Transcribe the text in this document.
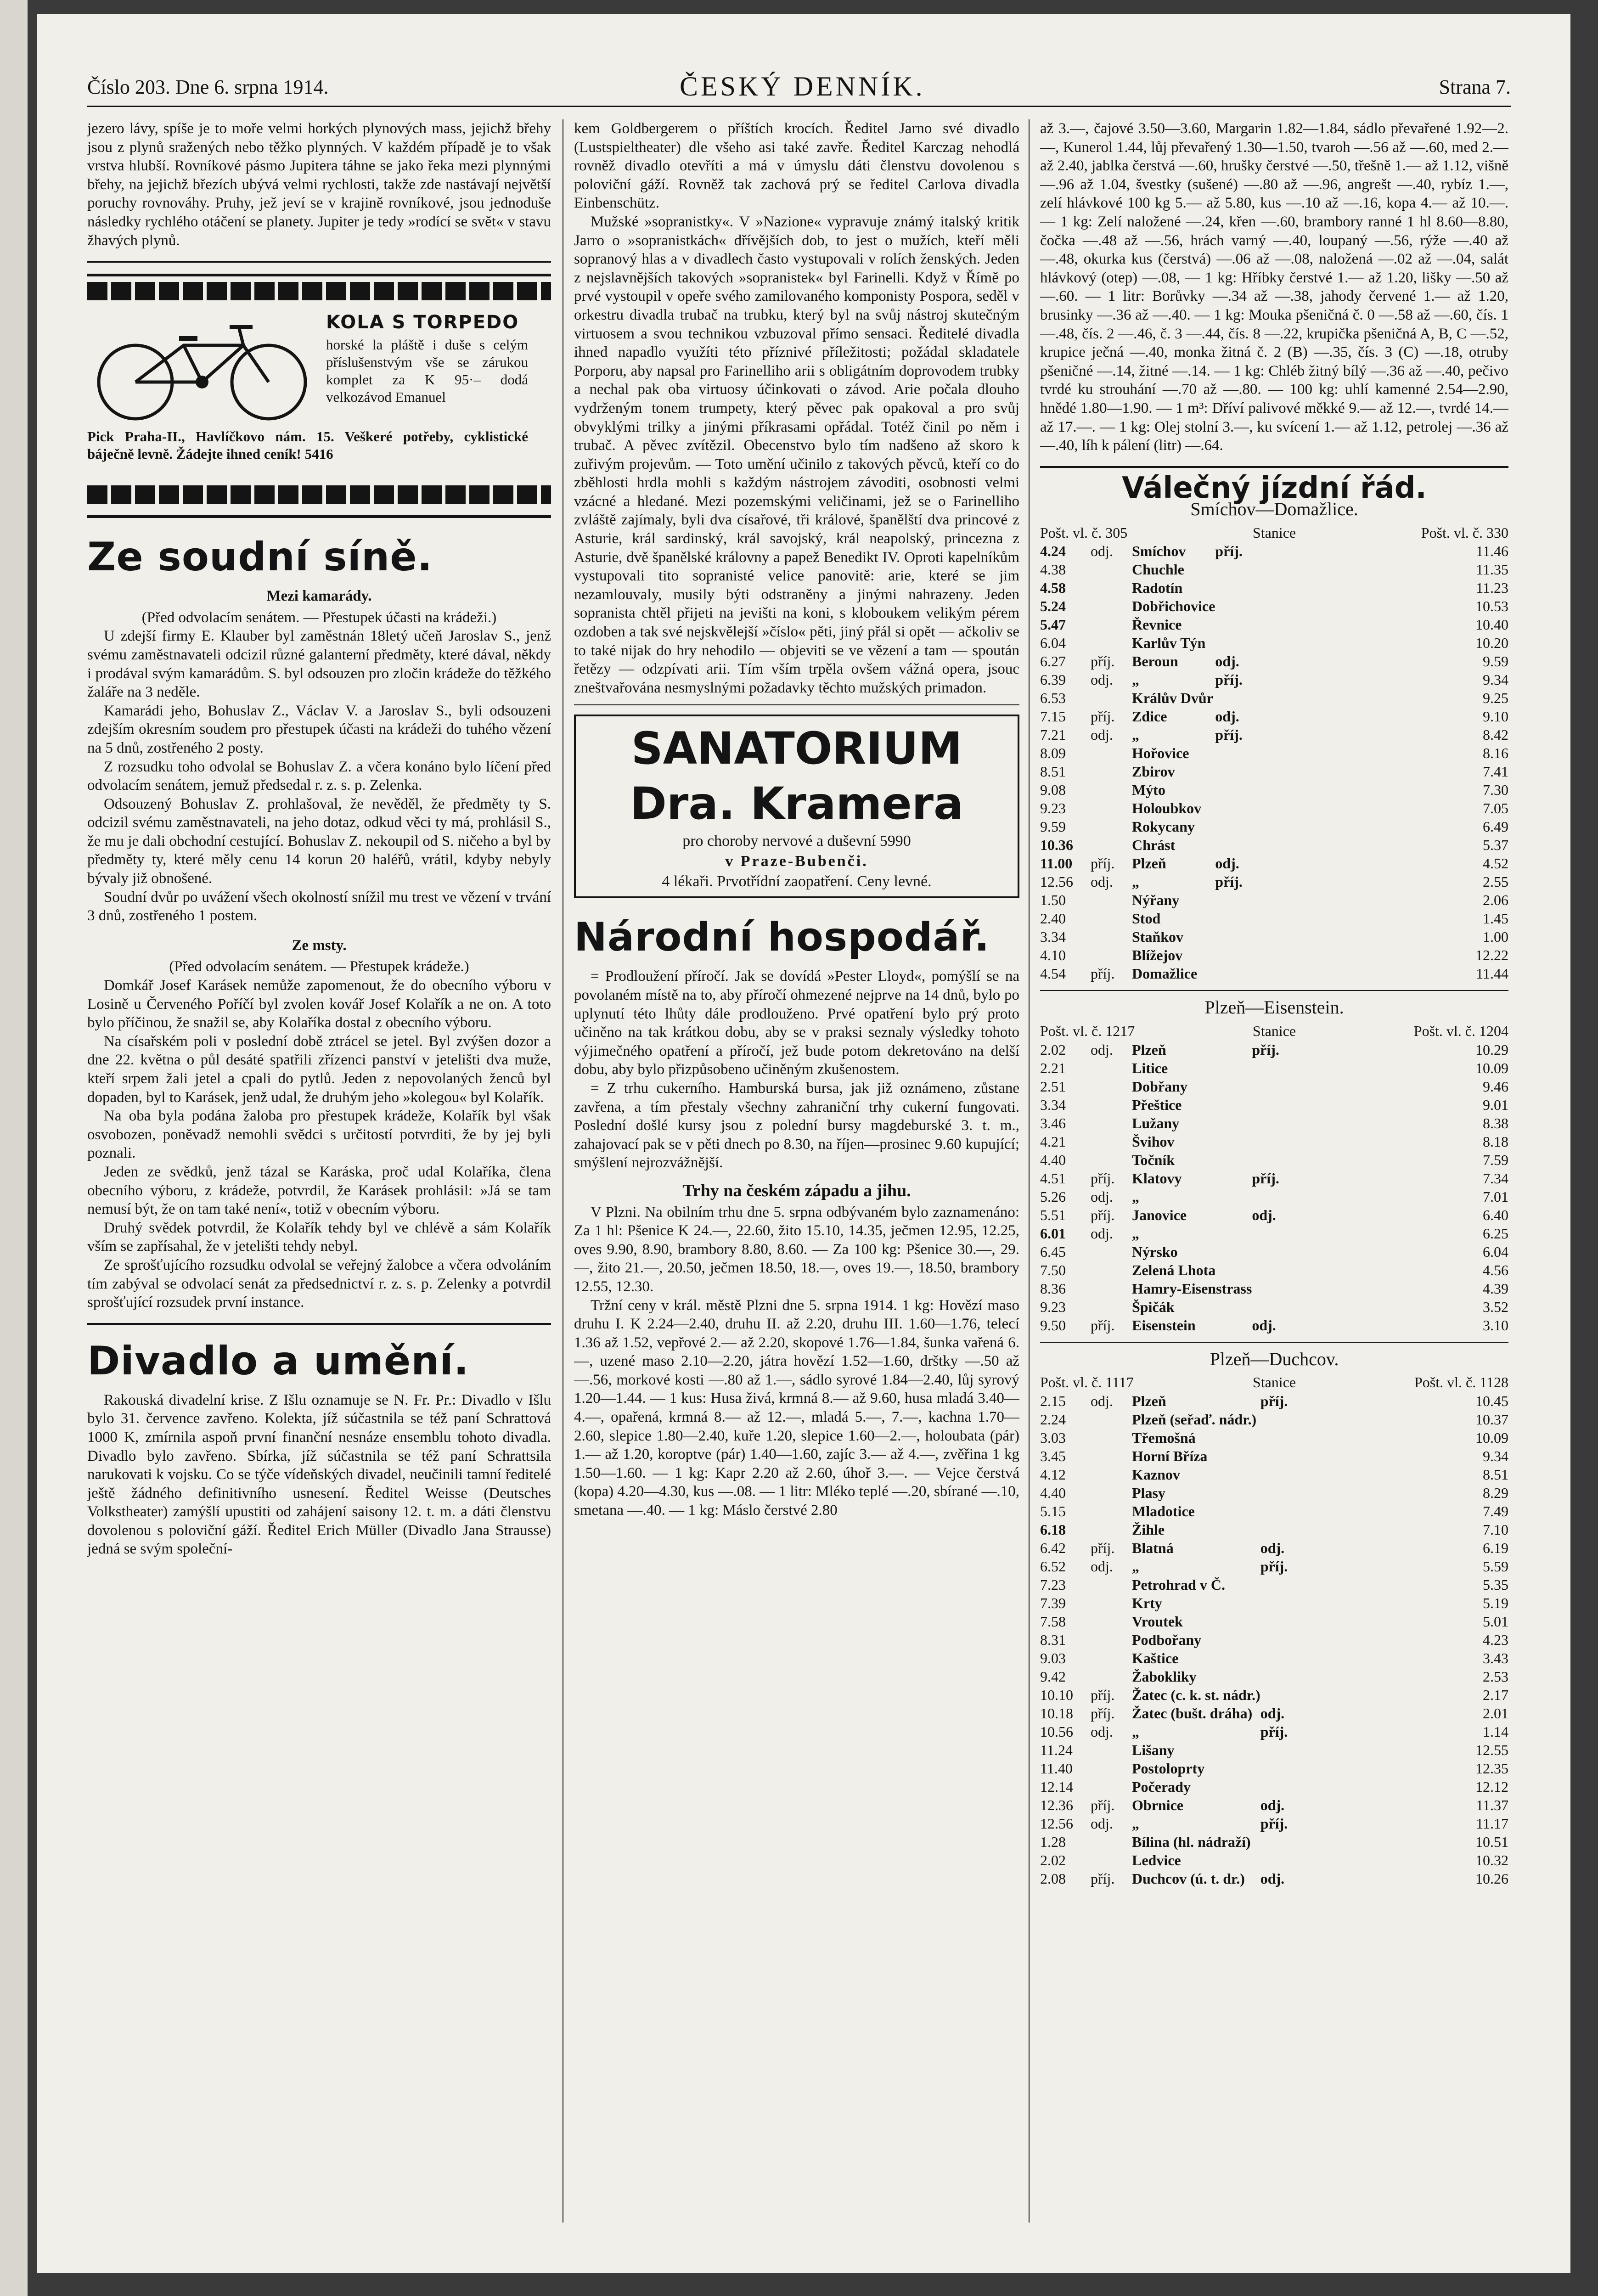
Číslo 203. Dne 6. srpna 1914.	ČESKÝ DENNÍK.	Strana 7.

jezero lávy, spíše je to moře velmi horkých plynových mass, jejichž břehy jsou z plynů sražených nebo těžko plynných. V každém případě je to však vrstva hlubší. Rovníkové pásmo Jupitera táhne se jako řeka mezi plynnými břehy, na jejichž březích ubývá velmi rychlosti, takže zde nastávají největší poruchy rovnováhy. Pruhy, jež jeví se v krajině rovníkové, jsou jednoduše následky rychlého otáčení se planety. Jupiter je tedy »rodící se svět« v stavu žhavých plynů.

KOLA S TORPEDO
horské la pláště i duše s celým příslušenstvým vše se zárukou komplet za K 95·– dodá velkozávod Emanuel
Pick Praha-II., Havlíčkovo nám. 15. Veškeré potřeby, cyklistické báječně levně. Žádejte ihned ceník! 5416
Ze soudní síně.
Mezi kamarády.

(Před odvolacím senátem. — Přestupek účasti na krádeži.)

U zdejší firmy E. Klauber byl zaměstnán 18letý učeň Jaroslav S., jenž svému zaměstnavateli odcizil různé galanterní předměty, které dával, někdy i prodával svým kamarádům. S. byl odsouzen pro zločin krádeže do těžkého žaláře na 3 neděle.

Kamarádi jeho, Bohuslav Z., Václav V. a Jaroslav S., byli odsouzeni zdejším okresním soudem pro přestupek účasti na krádeži do tuhého vězení na 5 dnů, zostřeného 2 posty.

Z rozsudku toho odvolal se Bohuslav Z. a včera konáno bylo líčení před odvolacím senátem, jemuž předsedal r. z. s. p. Zelenka.

Odsouzený Bohuslav Z. prohlašoval, že nevěděl, že předměty ty S. odcizil svému zaměstnavateli, na jeho dotaz, odkud věci ty má, prohlásil S., že mu je dali obchodní cestující. Bohuslav Z. nekoupil od S. ničeho a byl by předměty ty, které měly cenu 14 korun 20 haléřů, vrátil, kdyby nebyly bývaly již obnošené.

Soudní dvůr po uvážení všech okolností snížil mu trest ve vězení v trvání 3 dnů, zostřeného 1 postem.

Ze msty.

(Před odvolacím senátem. — Přestupek krádeže.)

Domkář Josef Karásek nemůže zapomenout, že do obecního výboru v Losině u Červeného Poříčí byl zvolen kovář Josef Kolařík a ne on. A toto bylo příčinou, že snažil se, aby Kolaříka dostal z obecního výboru.

Na císařském poli v poslední době ztrácel se jetel. Byl zvýšen dozor a dne 22. května o půl desáté spatřili zřízenci panství v jetelišti dva muže, kteří srpem žali jetel a cpali do pytlů. Jeden z nepovolaných ženců byl dopaden, byl to Karásek, jenž udal, že druhým jeho »kolegou« byl Kolařík.

Na oba byla podána žaloba pro přestupek krádeže, Kolařík byl však osvobozen, poněvadž nemohli svědci s určitostí potvrditi, že by jej byli poznali.

Jeden ze svědků, jenž tázal se Karáska, proč udal Kolaříka, člena obecního výboru, z krádeže, potvrdil, že Karásek prohlásil: »Já se tam nemusí být, že on tam také není«, totiž v obecním výboru.

Druhý svědek potvrdil, že Kolařík tehdy byl ve chlévě a sám Kolařík vším se zapřísahal, že v jetelišti tehdy nebyl.

Ze sprošťujícího rozsudku odvolal se veřejný žalobce a včera odvoláním tím zabýval se odvolací senát za předsednictví r. z. s. p. Zelenky a potvrdil sprošťující rozsudek první instance.

Divadlo a umění.

Rakouská divadelní krise. Z Išlu oznamuje se N. Fr. Pr.: Divadlo v Išlu bylo 31. července zavřeno. Kolekta, jíž súčastnila se též paní Schrattová 1000 K, zmírnila aspoň první finanční nesnáze ensemblu tohoto divadla. Divadlo bylo zavřeno. Sbírka, jíž súčastnila se též paní Schrattsila narukovati k vojsku. Co se týče vídeňských divadel, neučinili tamní ředitelé ještě žádného definitivního usnesení. Ředitel Weisse (Deutsches Volkstheater) zamýšlí upustiti od zahájení saisony 12. t. m. a dáti členstvu dovolenou s poloviční gáží. Ředitel Erich Müller (Divadlo Jana Strausse) jedná se svým společní-

kem Goldbergerem o příštích krocích. Ředitel Jarno své divadlo (Lustspieltheater) dle všeho asi také zavře. Ředitel Karczag nehodlá rovněž divadlo otevříti a má v úmyslu dáti členstvu dovolenou s poloviční gáží. Rovněž tak zachová prý se ředitel Carlova divadla Einbenschütz.

Mužské »sopranistky«. V »Nazione« vypravuje známý italský kritik Jarro o »sopranistkách« dřívějších dob, to jest o mužích, kteří měli sopranový hlas a v divadlech často vystupovali v rolích ženských. Jeden z nejslavnějších takových »sopranistek« byl Farinelli. Když v Římě po prvé vystoupil v opeře svého zamilovaného komponisty Pospora, seděl v orkestru divadla trubač na trubku, který byl na svůj nástroj skutečným virtuosem a svou technikou vzbuzoval přímo sensaci. Ředitelé divadla ihned napadlo využíti této příznivé příležitosti; požádal skladatele Porporu, aby napsal pro Farinelliho arii s obligátním doprovodem trubky a nechal pak oba virtuosy účinkovati o závod. Arie počala dlouho vydrženým tonem trumpety, který pěvec pak opakoval a pro svůj obvyklými trilky a jinými příkrasami opřádal. Totéž činil po něm i trubač. A pěvec zvítězil. Obecenstvo bylo tím nadšeno až skoro k zuřivým projevům. — Toto umění učinilo z takových pěvců, kteří co do zběhlosti hrdla mohli s každým nástrojem závoditi, osobnosti velmi vzácné a hledané. Mezi pozemskými veličinami, jež se o Farinelliho zvláště zajímaly, byli dva císařové, tři králové, španělští dva princové z Asturie, král sardinský, král savojský, král neapolský, princezna z Asturie, dvě španělské královny a papež Benedikt IV. Oproti kapelníkům vystupovali tito sopranisté velice panovitě: arie, které se jim nezamlouvaly, musily býti odstraněny a jinými nahrazeny. Jeden sopranista chtěl přijeti na jevišti na koni, s kloboukem velikým pérem ozdoben a tak své nejskvělejší »číslo« pěti, jiný přál si opět — ačkoliv se to také nijak do hry nehodilo — objeviti se ve vězení a tam — spoután řetězy — odzpívati arii. Tím vším trpěla ovšem vážná opera, jsouc zneštvařována nesmyslnými požadavky těchto mužských primadon.

SANATORIUM Dra. Kramera
pro choroby nervové a duševní 5990
v Praze-Bubenči.
4 lékaři. Prvotřídní zaopatření. Ceny levné.
Národní hospodář.

= Prodloužení příročí. Jak se dovídá »Pester Lloyd«, pomýšlí se na povolaném místě na to, aby příročí ohmezené nejprve na 14 dnů, bylo po uplynutí této lhůty dále prodlouženo. Prvé opatření bylo prý proto učiněno na tak krátkou dobu, aby se v praksi seznaly výsledky tohoto výjimečného opatření a příročí, jež bude potom dekretováno na delší dobu, aby bylo přizpůsobeno učiněným zkušenostem.

= Z trhu cukerního. Hamburská bursa, jak již oznámeno, zůstane zavřena, a tím přestaly všechny zahraniční trhy cukerní fungovati. Poslední došlé kursy jsou z polední bursy magdeburské 3. t. m., zahajovací pak se v pěti dnech po 8.30, na říjen—prosinec 9.60 kupující; smýšlení nejrozvážnější.

Trhy na českém západu a jihu.

V Plzni. Na obilním trhu dne 5. srpna odbývaném bylo zaznamenáno: Za 1 hl: Pšenice K 24.—, 22.60, žito 15.10, 14.35, ječmen 12.95, 12.25, oves 9.90, 8.90, brambory 8.80, 8.60. — Za 100 kg: Pšenice 30.—, 29.—, žito 21.—, 20.50, ječmen 18.50, 18.—, oves 19.—, 18.50, brambory 12.55, 12.30.

Tržní ceny v král. městě Plzni dne 5. srpna 1914. 1 kg: Hovězí maso druhu I. K 2.24—2.40, druhu II. až 2.20, druhu III. 1.60—1.76, telecí 1.36 až 1.52, vepřové 2.— až 2.20, skopové 1.76—1.84, šunka vařená 6.—, uzené maso 2.10—2.20, játra hovězí 1.52—1.60, drštky —.50 až —.56, morkové kosti —.80 až 1.—, sádlo syrové 1.84—2.40, lůj syrový 1.20—1.44. — 1 kus: Husa živá, krmná 8.— až 9.60, husa mladá 3.40—4.—, opařená, krmná 8.— až 12.—, mladá 5.—, 7.—, kachna 1.70—2.60, slepice 1.80—2.40, kuře 1.20, slepice 1.60—2.—, holoubata (pár) 1.— až 1.20, koroptve (pár) 1.40—1.60, zajíc 3.— až 4.—, zvěřina 1 kg 1.50—1.60. — 1 kg: Kapr 2.20 až 2.60, úhoř 3.—. — Vejce čerstvá (kopa) 4.20—4.30, kus —.08. — 1 litr: Mléko teplé —.20, sbírané —.10, smetana —.40. — 1 kg: Máslo čerstvé 2.80

až 3.—, čajové 3.50—3.60, Margarin 1.82—1.84, sádlo převařené 1.92—2.—, Kunerol 1.44, lůj převařený 1.30—1.50, tvaroh —.56 až —.60, med 2.— až 2.40, jablka čerstvá —.60, hrušky čerstvé —.50, třešně 1.— až 1.12, višně —.96 až 1.04, švestky (sušené) —.80 až —.96, angrešt —.40, rybíz 1.—, zelí hlávkové 100 kg 5.— až 5.80, kus —.10 až —.16, kopa 4.— až 10.—. — 1 kg: Zelí naložené —.24, křen —.60, brambory ranné 1 hl 8.60—8.80, čočka —.48 až —.56, hrách varný —.40, loupaný —.56, rýže —.40 až —.48, okurka kus (čerstvá) —.06 až —.08, naložená —.02 až —.04, salát hlávkový (otep) —.08, — 1 kg: Hříbky čerstvé 1.— až 1.20, lišky —.50 až —.60. — 1 litr: Borůvky —.34 až —.38, jahody červené 1.— až 1.20, brusinky —.36 až —.40. — 1 kg: Mouka pšeničná č. 0 —.58 až —.60, čís. 1 —.48, čís. 2 —.46, č. 3 —.44, čís. 8 —.22, krupička pšeničná A, B, C —.52, krupice ječná —.40, monka žitná č. 2 (B) —.35, čís. 3 (C) —.18, otruby pšeničné —.14, žitné —.14. — 1 kg: Chléb žitný bílý —.36 až —.40, pečivo tvrdé ku strouhání —.70 až —.80. — 100 kg: uhlí kamenné 2.54—2.90, hnědé 1.80—1.90. — 1 m³: Dříví palivové měkké 9.— až 12.—, tvrdé 14.— až 17.—. — 1 kg: Olej stolní 3.—, ku svícení 1.— až 1.12, petrolej —.36 až —.40, líh k pálení (litr) —.64.

Válečný jízdní řád.
Smíchov—Domažlice.
Pošt. vl. č. 305	Stanice	Pošt. vl. č. 330
4.24	odj.	Smíchov	příj.	11.46
4.38		Chuchle		11.35
4.58		Radotín		11.23
5.24		Dobřichovice		10.53
5.47		Řevnice		10.40
6.04		Karlův Týn		10.20
6.27	příj.	Beroun	odj.	9.59
6.39	odj.	„	příj.	9.34
6.53		Králův Dvůr		9.25
7.15	příj.	Zdice	odj.	9.10
7.21	odj.	„	příj.	8.42
8.09		Hořovice		8.16
8.51		Zbirov		7.41
9.08		Mýto		7.30
9.23		Holoubkov		7.05
9.59		Rokycany		6.49
10.36		Chrást		5.37
11.00	příj.	Plzeň	odj.	4.52
12.56	odj.	„	příj.	2.55
1.50		Nýřany		2.06
2.40		Stod		1.45
3.34		Staňkov		1.00
4.10		Blížejov		12.22
4.54	příj.	Domažlice		11.44
Plzeň—Eisenstein.
Pošt. vl. č. 1217	Stanice	Pošt. vl. č. 1204
2.02	odj.	Plzeň	příj.	10.29
2.21		Litice		10.09
2.51		Dobřany		9.46
3.34		Přeštice		9.01
3.46		Lužany		8.38
4.21		Švihov		8.18
4.40		Točník		7.59
4.51	příj.	Klatovy	příj.	7.34
5.26	odj.	„		7.01
5.51	příj.	Janovice	odj.	6.40
6.01	odj.	„		6.25
6.45		Nýrsko		6.04
7.50		Zelená Lhota		4.56
8.36		Hamry-Eisenstrass		4.39
9.23		Špičák		3.52
9.50	příj.	Eisenstein	odj.	3.10
Plzeň—Duchcov.
Pošt. vl. č. 1117	Stanice	Pošt. vl. č. 1128
2.15	odj.	Plzeň	příj.	10.45
2.24		Plzeň (seřaď. nádr.)		10.37
3.03		Třemošná		10.09
3.45		Horní Bříza		9.34
4.12		Kaznov		8.51
4.40		Plasy		8.29
5.15		Mladotice		7.49
6.18		Žihle		7.10
6.42	příj.	Blatná	odj.	6.19
6.52	odj.	„	příj.	5.59
7.23		Petrohrad v Č.		5.35
7.39		Krty		5.19
7.58		Vroutek		5.01
8.31		Podbořany		4.23
9.03		Kaštice		3.43
9.42		Žabokliky		2.53
10.10	příj.	Žatec (c. k. st. nádr.)		2.17
10.18	příj.	Žatec (bušt. dráha)	odj.	2.01
10.56	odj.	„	příj.	1.14
11.24		Lišany		12.55
11.40		Postoloprty		12.35
12.14		Počerady		12.12
12.36	příj.	Obrnice	odj.	11.37
12.56	odj.	„	příj.	11.17
1.28		Bílina (hl. nádraží)		10.51
2.02		Ledvice		10.32
2.08	příj.	Duchcov (ú. t. dr.)	odj.	10.26
